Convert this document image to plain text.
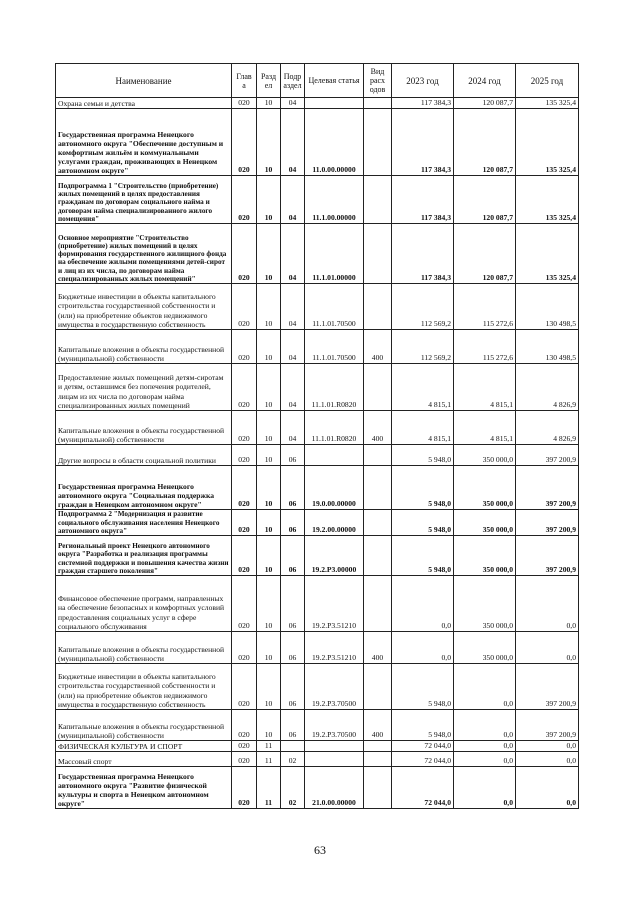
Наименование	Глав а	Разд ел	Подр аздел	Целевая статья	Вид расх одов	2023 год	2024 год	2025 год
Охрана семьи и детства	020	10	04			117 384,3	120 087,7	135 325,4
Государственная программа Ненецкого автономного округа "Обеспечение доступным и комфортным жильём и коммунальными услугами граждан, проживающих в Ненецком автономном округе"	020	10	04	11.0.00.00000		117 384,3	120 087,7	135 325,4
Подпрограмма 1 "Строительство (приобретение) жилых помещений в целях предоставления гражданам по договорам социального найма и договорам найма специализированного жилого помещения"	020	10	04	11.1.00.00000		117 384,3	120 087,7	135 325,4
Основное мероприятие "Строительство (приобретение) жилых помещений в целях формирования государственного жилищного фонда на обеспечение жилыми помещениями детей-сирот и лиц из их числа, по договорам найма специализированных жилых помещений"	020	10	04	11.1.01.00000		117 384,3	120 087,7	135 325,4
Бюджетные инвестиции в объекты капитального строительства государственной собственности и (или) на приобретение объектов недвижимого имущества в государственную собственность	020	10	04	11.1.01.70500		112 569,2	115 272,6	130 498,5
Капитальные вложения в объекты государственной (муниципальной) собственности	020	10	04	11.1.01.70500	400	112 569,2	115 272,6	130 498,5
Предоставление жилых помещений детям-сиротам и детям, оставшимся без попечения родителей, лицам из их числа по договорам найма специализированных жилых помещений	020	10	04	11.1.01.R0820		4 815,1	4 815,1	4 826,9
Капитальные вложения в объекты государственной (муниципальной) собственности	020	10	04	11.1.01.R0820	400	4 815,1	4 815,1	4 826,9
Другие вопросы в области социальной политики	020	10	06			5 948,0	350 000,0	397 200,9
Государственная программа Ненецкого автономного округа "Социальная поддержка граждан в Ненецком автономном округе"	020	10	06	19.0.00.00000		5 948,0	350 000,0	397 200,9
Подпрограмма 2 "Модернизация и развитие социального обслуживания населения Ненецкого автономного округа"	020	10	06	19.2.00.00000		5 948,0	350 000,0	397 200,9
Региональный проект Ненецкого автономного округа "Разработка и реализация программы системной поддержки и повышения качества жизни граждан старшего поколения"	020	10	06	19.2.P3.00000		5 948,0	350 000,0	397 200,9
Финансовое обеспечение программ, направленных на обеспечение безопасных и комфортных условий предоставления социальных услуг в сфере социального обслуживания	020	10	06	19.2.P3.51210		0,0	350 000,0	0,0
Капитальные вложения в объекты государственной (муниципальной) собственности	020	10	06	19.2.P3.51210	400	0,0	350 000,0	0,0
Бюджетные инвестиции в объекты капитального строительства государственной собственности и (или) на приобретение объектов недвижимого имущества в государственную собственность	020	10	06	19.2.P3.70500		5 948,0	0,0	397 200,9
Капитальные вложения в объекты государственной (муниципальной) собственности	020	10	06	19.2.P3.70500	400	5 948,0	0,0	397 200,9
ФИЗИЧЕСКАЯ КУЛЬТУРА И СПОРТ	020	11				72 044,0	0,0	0,0
Массовый спорт	020	11	02			72 044,0	0,0	0,0
Государственная программа Ненецкого автономного округа "Развитие физической культуры и спорта в Ненецком автономном округе"	020	11	02	21.0.00.00000		72 044,0	0,0	0,0
63
